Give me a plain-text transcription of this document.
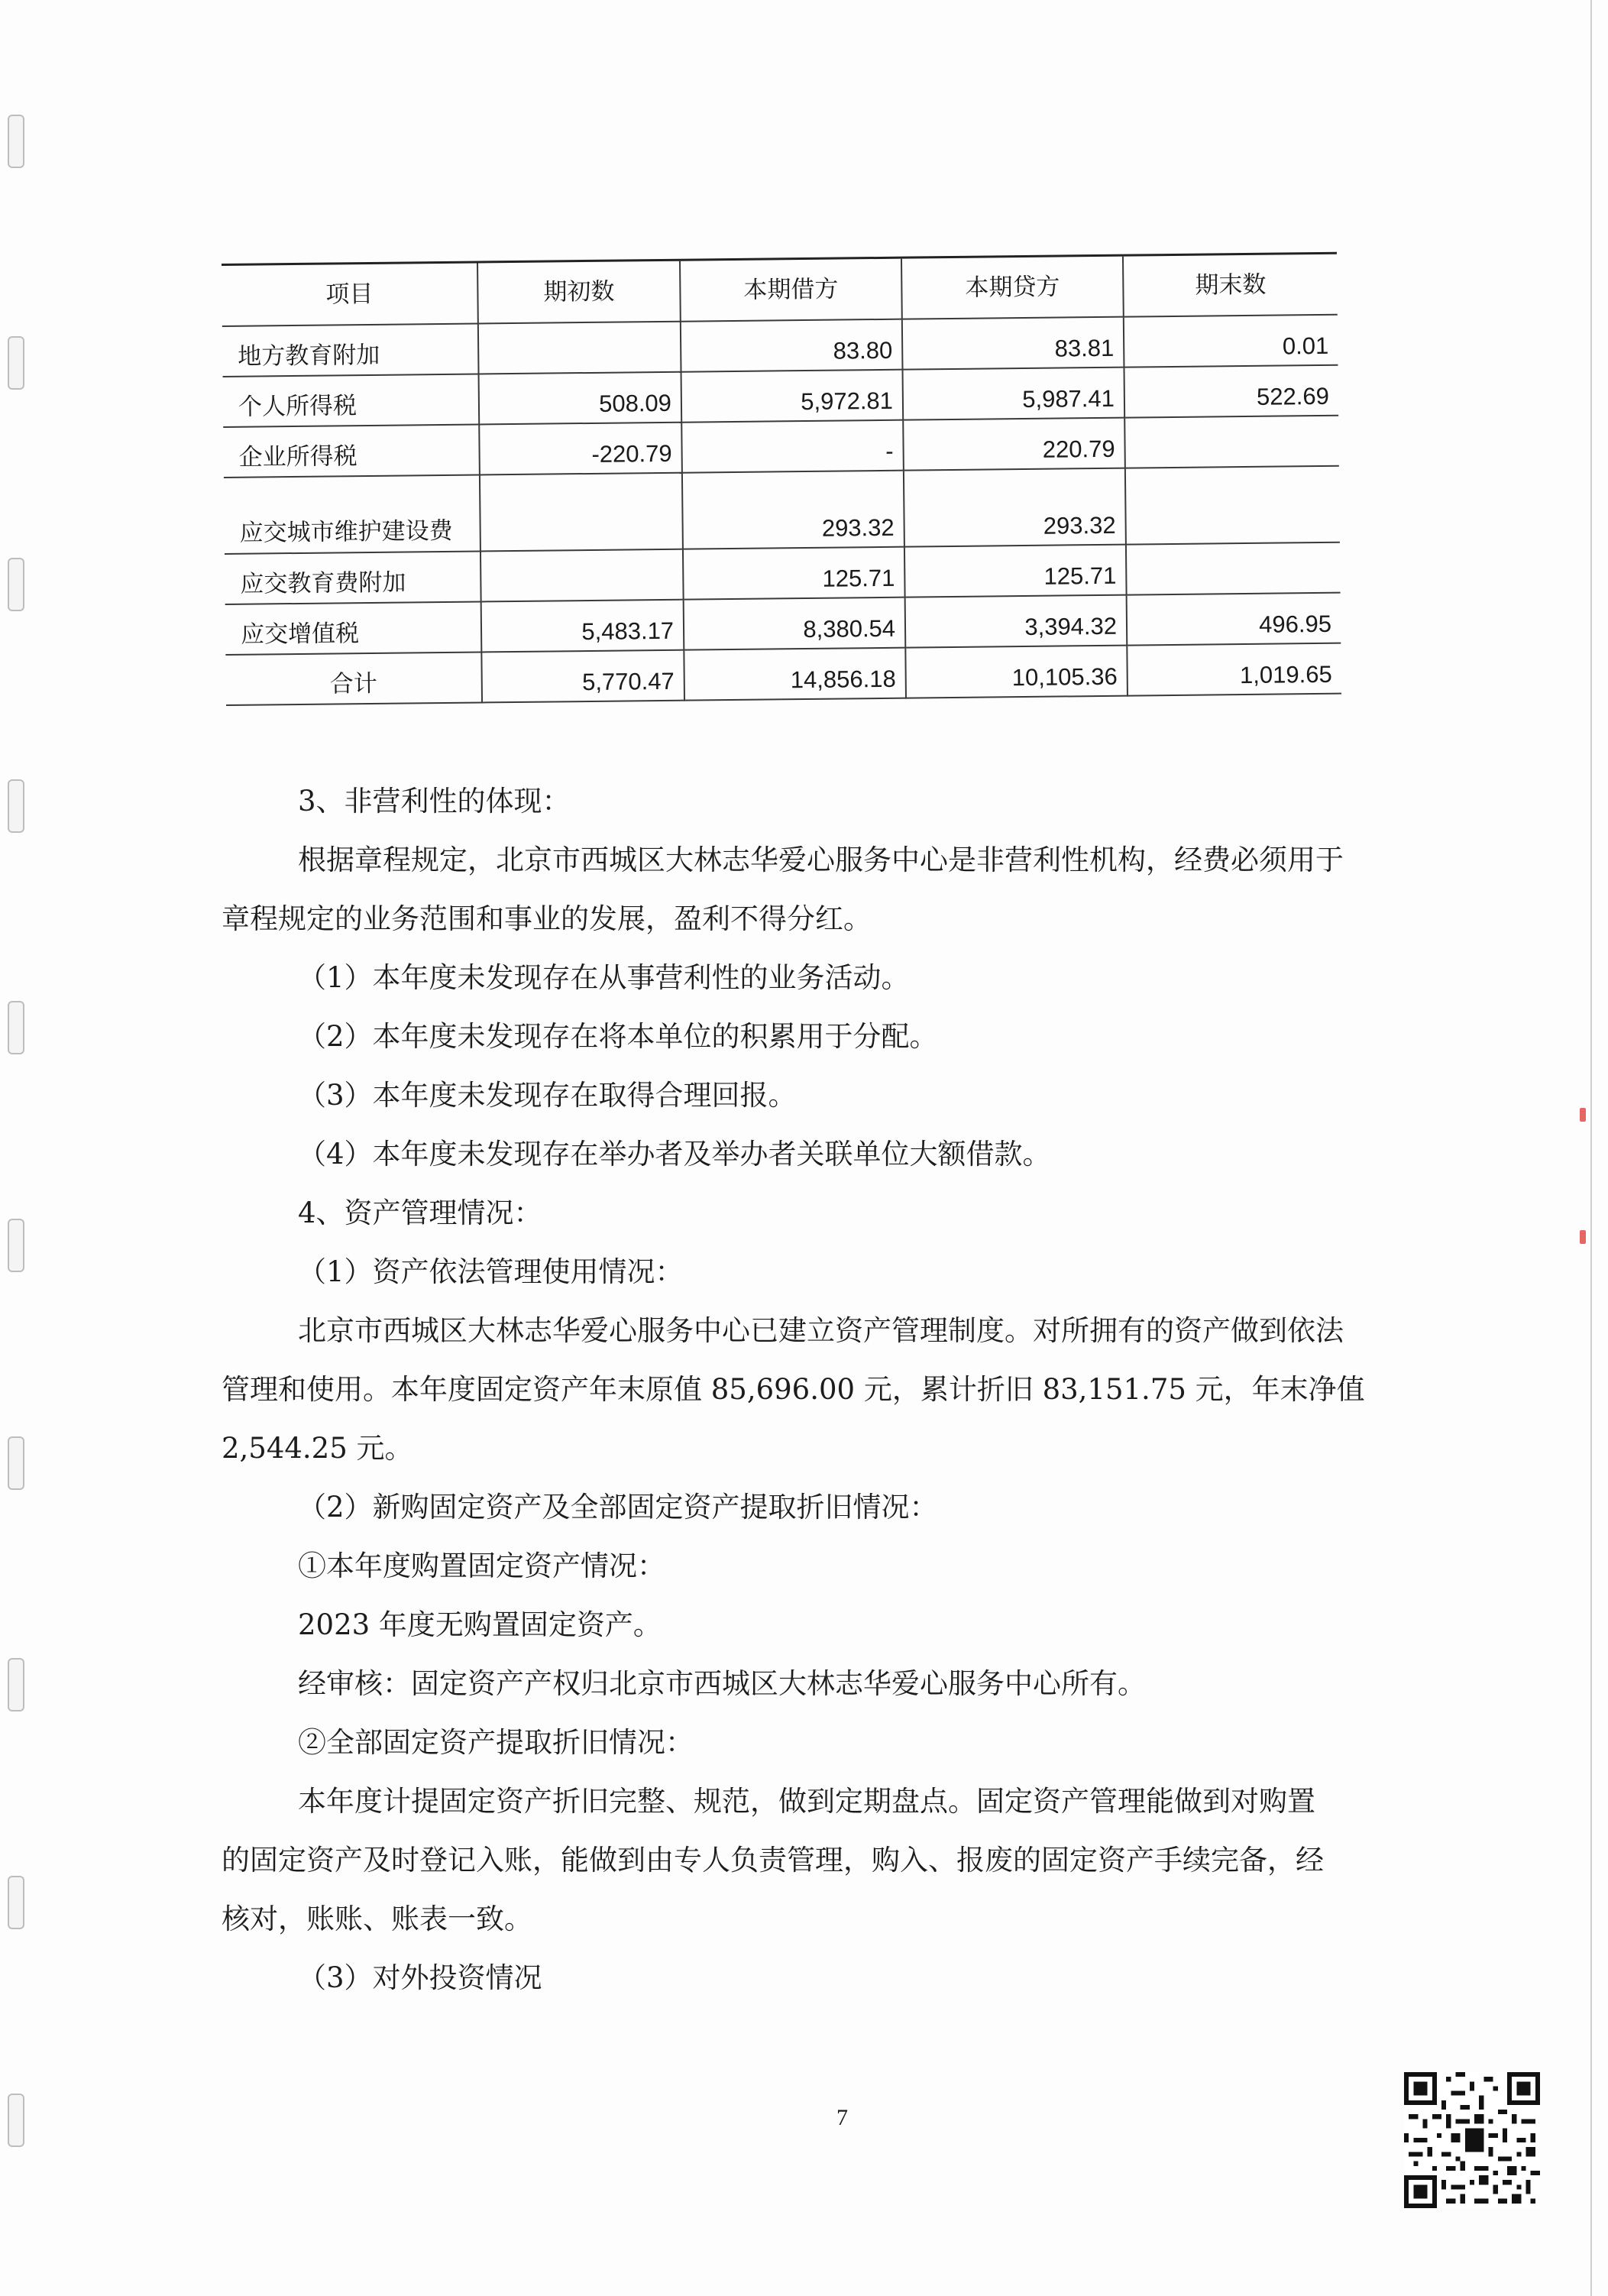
项目	期初数	本期借方	本期贷方	期末数
地方教育附加		83.80	83.81	0.01
个人所得税	508.09	5,972.81	5,987.41	522.69
企业所得税	-220.79	-	220.79	
应交城市维护建设费		293.32	293.32	
应交教育费附加		125.71	125.71	
应交增值税	5,483.17	8,380.54	3,394.32	496.95
合计	5,770.47	14,856.18	10,105.36	1,019.65

3、非营利性的体现：

根据章程规定，北京市西城区大林志华爱心服务中心是非营利性机构，经费必须用于

章程规定的业务范围和事业的发展，盈利不得分红。

（1）本年度未发现存在从事营利性的业务活动。

（2）本年度未发现存在将本单位的积累用于分配。

（3）本年度未发现存在取得合理回报。

（4）本年度未发现存在举办者及举办者关联单位大额借款。

4、资产管理情况：

（1）资产依法管理使用情况：

北京市西城区大林志华爱心服务中心已建立资产管理制度。对所拥有的资产做到依法

管理和使用。本年度固定资产年末原值 85,696.00 元，累计折旧 83,151.75 元，年末净值

2,544.25 元。

（2）新购固定资产及全部固定资产提取折旧情况：

①本年度购置固定资产情况：

2023 年度无购置固定资产。

经审核：固定资产产权归北京市西城区大林志华爱心服务中心所有。

②全部固定资产提取折旧情况：

本年度计提固定资产折旧完整、规范，做到定期盘点。固定资产管理能做到对购置

的固定资产及时登记入账，能做到由专人负责管理，购入、报废的固定资产手续完备，经

核对，账账、账表一致。

（3）对外投资情况

7
